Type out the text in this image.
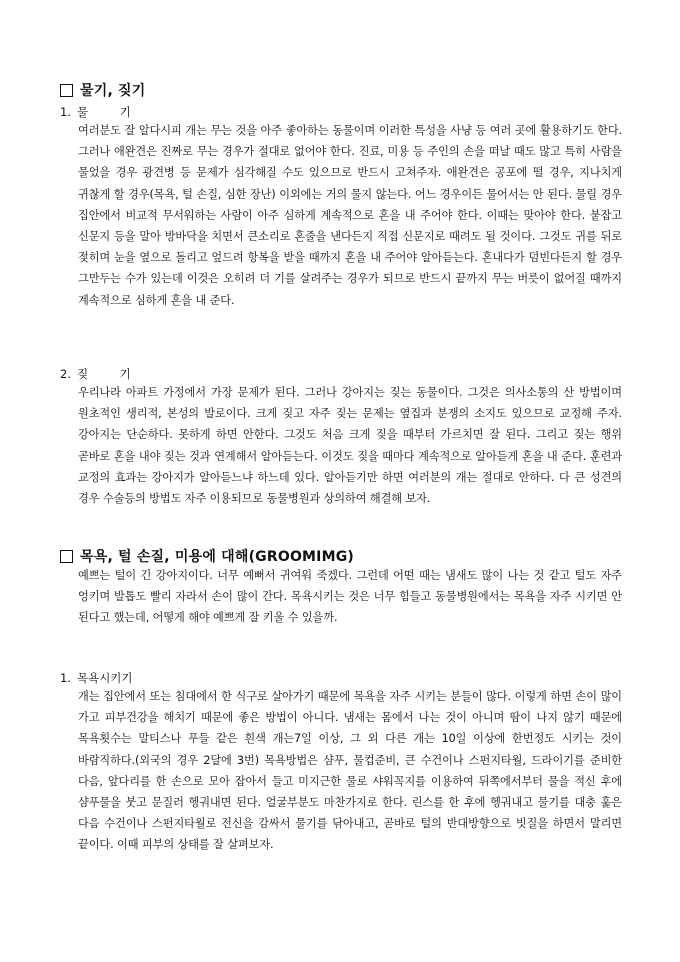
물기, 짖기
1. 물 기
여러분도 잘 알다시피 개는 무는 것을 아주 좋아하는 동물이며 이러한 특성을 사냥 등 여러 곳에 활용하기도 한다. 그러나 애완견은 진짜로 무는 경우가 절대로 없어야 한다. 진료, 미용 등 주인의 손을 떠날 때도 많고 특히 사람을 물었을 경우 광견병 등 문제가 심각해질 수도 있으므로 반드시 고쳐주자. 애완견은 공포에 떨 경우, 지나치게 귀찮게 할 경우(목욕, 털 손질, 심한 장난) 이외에는 거의 물지 않는다. 어느 경우이든 물어서는 안 된다. 물릴 경우 집안에서 비교적 무서워하는 사람이 아주 심하게 계속적으로 혼을 내 주어야 한다. 이때는 맞아야 한다. 붙잡고 신문지 등을 말아 방바닥을 치면서 큰소리로 혼줄을 낸다든지 직접 신문지로 때려도 될 것이다. 그것도 귀를 뒤로 젖히며 눈을 옆으로 돌리고 엎드려 항복을 받을 때까지 혼을 내 주어야 알아듣는다. 혼내다가 덤빈다든지 할 경우 그만두는 수가 있는데 이것은 오히려 더 기를 살려주는 경우가 되므로 반드시 끝까지 무는 버릇이 없어질 때까지 계속적으로 심하게 혼을 내 준다.
2. 짖 기
우리나라 아파트 가정에서 가장 문제가 된다. 그러나 강아지는 짖는 동물이다. 그것은 의사소통의 산 방법이며 원초적인 생리적, 본성의 발로이다. 크게 짖고 자주 짖는 문제는 옆집과 분쟁의 소지도 있으므로 교정해 주자. 강아지는 단순하다. 못하게 하면 안한다. 그것도 처음 크게 짖을 때부터 가르치면 잘 된다. 그리고 짖는 행위 곧바로 혼을 내야 짖는 것과 연계해서 알아듣는다. 이것도 짖을 때마다 계속적으로 알아듣게 혼을 내 준다. 훈련과 교정의 효과는 강아지가 알아듣느냐 하느데 있다. 알아듣기만 하면 여러분의 개는 절대로 안하다. 다 큰 성견의 경우 수술등의 방법도 자주 이용되므로 동물병원과 상의하여 해결해 보자.
목욕, 털 손질, 미용에 대해(GROOMIMG)
예쁘는 털이 긴 강아지이다. 너무 예뻐서 귀여워 죽겠다. 그런데 어떤 때는 냄새도 많이 나는 것 같고 털도 자주 엉키며 발톱도 빨리 자라서 손이 많이 간다. 목욕시키는 것은 너무 힘들고 동물병원에서는 목욕을 자주 시키면 안 된다고 했는데, 어떻게 해야 예쁘게 잘 키울 수 있을까.
1. 목욕시키기
개는 집안에서 또는 침대에서 한 식구로 살아가기 때문에 목욕을 자주 시키는 분들이 많다. 이렇게 하면 손이 많이 가고 피부건강을 해치기 때문에 좋은 방법이 아니다. 냄새는 몸에서 나는 것이 아니며 땀이 나지 않기 때문에 목욕횟수는 말티스나 푸들 같은 흰색 개는7일 이상, 그 외 다른 개는 10일 이상에 한번정도 시키는 것이 바람직하다.(외국의 경우 2달에 3번) 목욕방법은 샴푸, 물컵준비, 큰 수건이나 스펀지타월, 드라이기를 준비한 다음, 앞다리를 한 손으로 모아 잡아서 들고 미지근한 물로 샤워꼭지를 이용하여 뒤쪽에서부터 물을 적신 후에 샴푸물을 붓고 문질러 헹궈내면 된다. 얼굴부분도 마찬가지로 한다. 린스를 한 후에 헹궈내고 물기를 대충 훑은 다음 수건이나 스펀지타월로 전신을 감싸서 물기를 닦아내고, 곧바로 털의 반대방향으로 빗질을 하면서 말리면 끝이다. 이때 피부의 상태를 잘 살펴보자.
